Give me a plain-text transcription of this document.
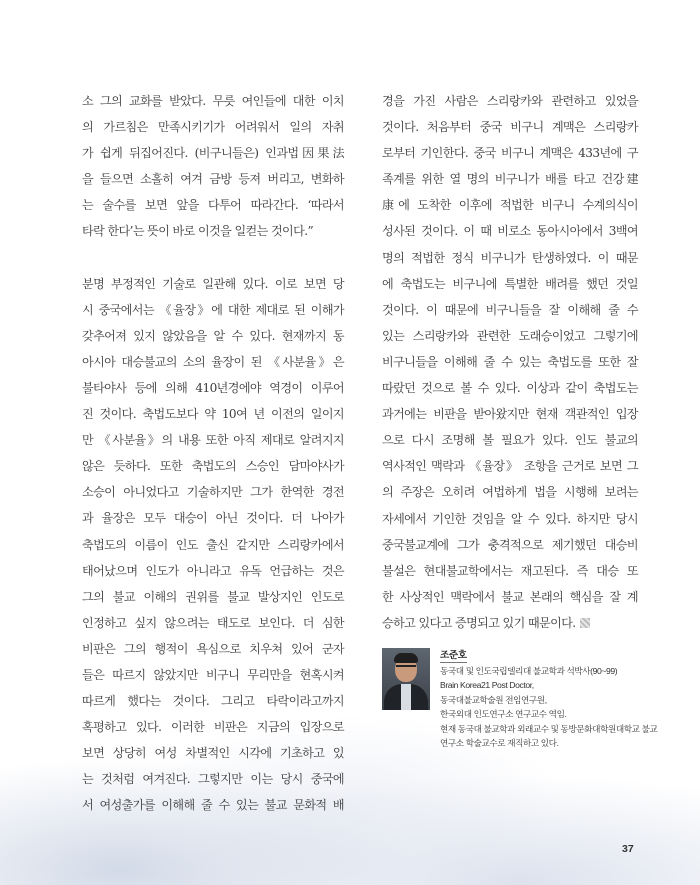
소 그의 교화를 받았다. 무릇 여인들에 대한 이치

의 가르침은 만족시키기가 어려워서 일의 자취

가 쉽게 뒤집어진다. (비구니들은) 인과법因果法

을 들으면 소홀히 여겨 금방 등져 버리고, 변화하

는 술수를 보면 앞을 다투어 따라간다. ‘따라서

타락 한다’는 뜻이 바로 이것을 일컫는 것이다.”

분명 부정적인 기술로 일관해 있다. 이로 보면 당

시 중국에서는 《율장》에 대한 제대로 된 이해가

갖추어져 있지 않았음을 알 수 있다. 현재까지 동

아시아 대승불교의 소의 율장이 된 《사분율》은

불타야사 등에 의해 410년경에야 역경이 이루어

진 것이다. 축법도보다 약 10여 년 이전의 일이지

만 《사분율》의 내용 또한 아직 제대로 알려지지

않은 듯하다. 또한 축법도의 스승인 담마야사가

소승이 아니었다고 기술하지만 그가 한역한 경전

과 율장은 모두 대승이 아닌 것이다. 더 나아가

축법도의 이름이 인도 출신 같지만 스리랑카에서

태어났으며 인도가 아니라고 유독 언급하는 것은

그의 불교 이해의 권위를 불교 발상지인 인도로

인정하고 싶지 않으려는 태도로 보인다. 더 심한

비판은 그의 행적이 욕심으로 치우쳐 있어 군자

들은 따르지 않았지만 비구니 무리만을 현혹시켜

따르게 했다는 것이다. 그리고 타락이라고까지

혹평하고 있다. 이러한 비판은 지금의 입장으로

보면 상당히 여성 차별적인 시각에 기초하고 있

는 것처럼 여겨진다. 그렇지만 이는 당시 중국에

서 여성출가를 이해해 줄 수 있는 불교 문화적 배

경을 가진 사람은 스리랑카와 관련하고 있었을

것이다. 처음부터 중국 비구니 계맥은 스리랑카

로부터 기인한다. 중국 비구니 계맥은 433년에 구

족계를 위한 열 명의 비구니가 배를 타고 건강建

康에 도착한 이후에 적법한 비구니 수계의식이

성사된 것이다. 이 때 비로소 동아시아에서 3백여

명의 적법한 정식 비구니가 탄생하였다. 이 때문

에 축법도는 비구니에 특별한 배려를 했던 것일

것이다. 이 때문에 비구니들을 잘 이해해 줄 수

있는 스리랑카와 관련한 도래승이었고 그렇기에

비구니들을 이해해 줄 수 있는 축법도를 또한 잘

따랐던 것으로 볼 수 있다. 이상과 같이 축법도는

과거에는 비판을 받아왔지만 현재 객관적인 입장

으로 다시 조명해 볼 필요가 있다. 인도 불교의

역사적인 맥락과 《율장》 조항을 근거로 보면 그

의 주장은 오히려 여법하게 법을 시행해 보려는

자세에서 기인한 것임을 알 수 있다. 하지만 당시

중국불교계에 그가 충격적으로 제기했던 대승비

불설은 현대불교학에서는 재고된다. 즉 대승 또

한 사상적인 맥락에서 불교 본래의 핵심을 잘 계

승하고 있다고 증명되고 있기 때문이다.

조준호
동국대 및 인도국립델리대 불교학과 석박사(90~99)
Brain Korea21 Post Doctor,
동국대불교학술원 전임연구원,
한국외대 인도연구소 연구교수 역임.
현재 동국대 불교학과 외래교수 및 동방문화대학원대학교 불교
연구소 학술교수로 재직하고 있다.
37
